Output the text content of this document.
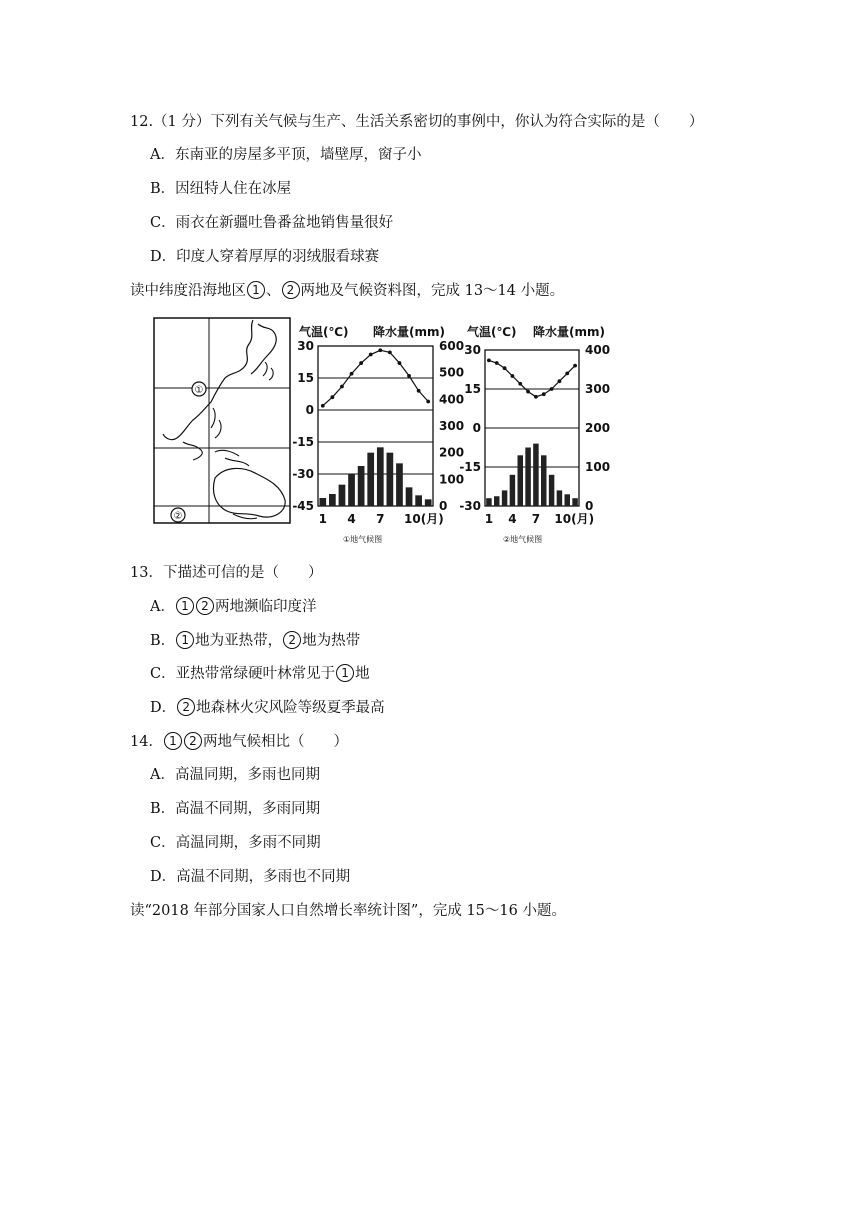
12.（1 分）下列有关气候与生产、生活关系密切的事例中，你认为符合实际的是（　　）
A．东南亚的房屋多平顶，墙壁厚，窗子小
B．因纽特人住在冰屋
C．雨衣在新疆吐鲁番盆地销售量很好
D．印度人穿着厚厚的羽绒服看球赛
读中纬度沿海地区 1 、 2 两地及气候资料图，完成 13～14 小题。
①
②
气温(℃) 降水量(mm)
30
15
0
-15
-30
-45
600
500
400
300
200
100
0
1 4 7 10(月)
①地气候图
气温(℃) 降水量(mm)
30
15
0
-15
-30
400
300
200
100
0
1 4 7 10(月)
②地气候图
13．下描述可信的是（　　）
A． 1 2 两地濒临印度洋
B． 1 地为亚热带， 2 地为热带
C．亚热带常绿硬叶林常见于 1 地
D． 2 地森林火灾风险等级夏季最高
14． 1 2 两地气候相比（　　）
A．高温同期，多雨也同期
B．高温不同期，多雨同期
C．高温同期，多雨不同期
D．高温不同期，多雨也不同期
读“2018 年部分国家人口自然增长率统计图”，完成 15～16 小题。
